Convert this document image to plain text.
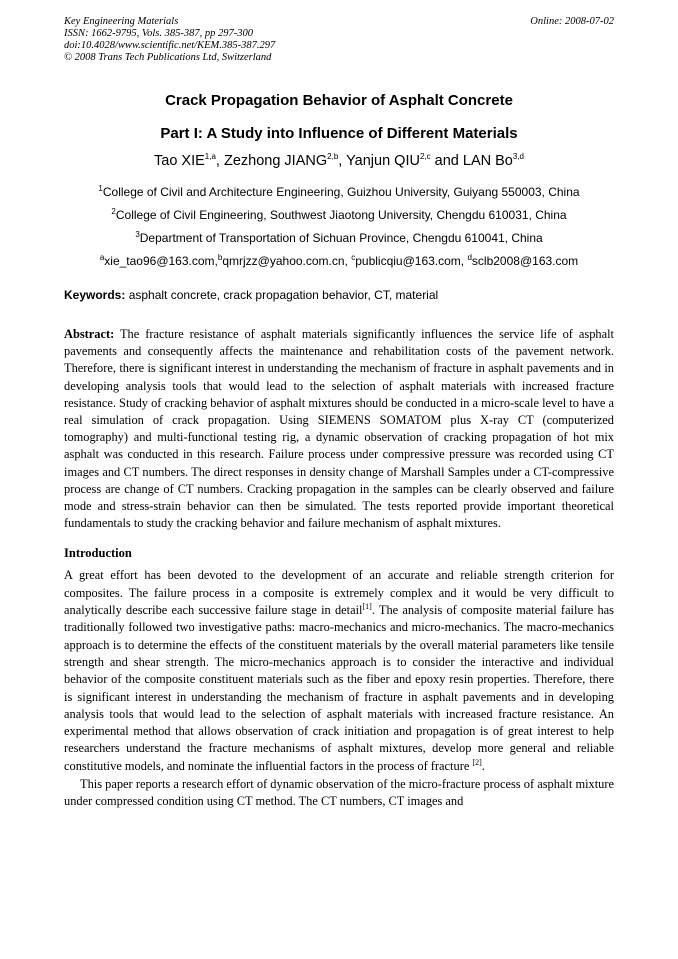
Key Engineering Materials
ISSN: 1662-9795, Vols. 385-387, pp 297-300
doi:10.4028/www.scientific.net/KEM.385-387.297
© 2008 Trans Tech Publications Ltd, Switzerland
Online: 2008-07-02
Crack Propagation Behavior of Asphalt Concrete
Part I: A Study into Influence of Different Materials
Tao XIE$^{1,a}$, Zezhong JIANG$^{2,b}$, Yanjun QIU$^{2,c}$ and LAN Bo$^{3,d}$
$^1$College of Civil and Architecture Engineering, Guizhou University, Guiyang 550003, China
$^2$College of Civil Engineering, Southwest Jiaotong University, Chengdu 610031, China
$^3$Department of Transportation of Sichuan Province, Chengdu 610041, China
$^a$xie_tao96@163.com,$^b$qmrjzz@yahoo.com.cn, $^c$publicqiu@163.com, $^d$sclb2008@163.com
Keywords: asphalt concrete, crack propagation behavior, CT, material
Abstract: The fracture resistance of asphalt materials significantly influences the service life of asphalt pavements and consequently affects the maintenance and rehabilitation costs of the pavement network. Therefore, there is significant interest in understanding the mechanism of fracture in asphalt pavements and in developing analysis tools that would lead to the selection of asphalt materials with increased fracture resistance. Study of cracking behavior of asphalt mixtures should be conducted in a micro-scale level to have a real simulation of crack propagation. Using SIEMENS SOMATOM plus X-ray CT (computerized tomography) and multi-functional testing rig, a dynamic observation of cracking propagation of hot mix asphalt was conducted in this research. Failure process under compressive pressure was recorded using CT images and CT numbers. The direct responses in density change of Marshall Samples under a CT-compressive process are change of CT numbers. Cracking propagation in the samples can be clearly observed and failure mode and stress-strain behavior can then be simulated. The tests reported provide important theoretical fundamentals to study the cracking behavior and failure mechanism of asphalt mixtures.
Introduction
A great effort has been devoted to the development of an accurate and reliable strength criterion for composites. The failure process in a composite is extremely complex and it would be very difficult to analytically describe each successive failure stage in detail[1]. The analysis of composite material failure has traditionally followed two investigative paths: macro-mechanics and micro-mechanics. The macro-mechanics approach is to determine the effects of the constituent materials by the overall material parameters like tensile strength and shear strength. The micro-mechanics approach is to consider the interactive and individual behavior of the composite constituent materials such as the fiber and epoxy resin properties. Therefore, there is significant interest in understanding the mechanism of fracture in asphalt pavements and in developing analysis tools that would lead to the selection of asphalt materials with increased fracture resistance. An experimental method that allows observation of crack initiation and propagation is of great interest to help researchers understand the fracture mechanisms of asphalt mixtures, develop more general and reliable constitutive models, and nominate the influential factors in the process of fracture [2].
This paper reports a research effort of dynamic observation of the micro-fracture process of asphalt mixture under compressed condition using CT method. The CT numbers, CT images and
